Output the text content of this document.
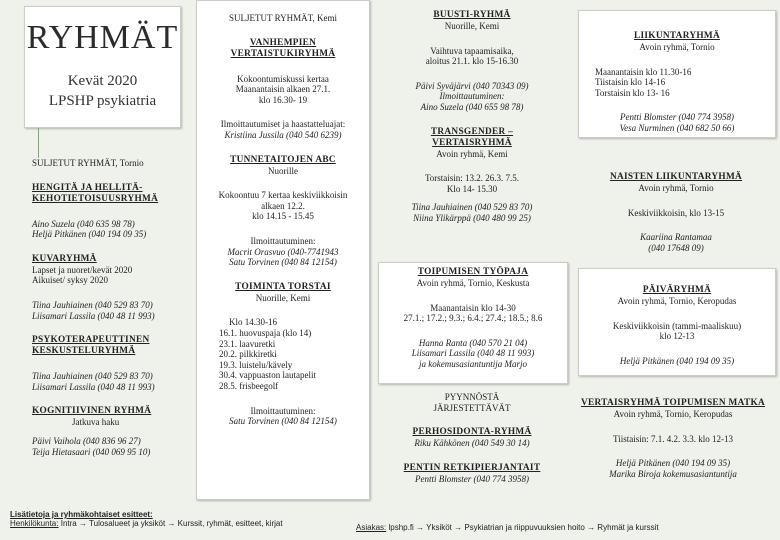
RYHMÄT
Kevät 2020
LPSHP psykiatria
SULJETUT RYHMÄT, Tornio
HENGITÄ JA HELLITÄ-KEHOTIETOISUUSRYHMÄ
Aino Suzela (040 635 98 78)
Heljä Pitkänen (040 194 09 35)
KUVARYHMÄ
Lapset ja nuoret/kevät 2020
Aikuiset/ syksy 2020
Tiina Jauhiainen (040 529 83 70)
Liisamari Lassila (040 48 11 993)
PSYKOTERAPEUTTINEN KESKUSTELURYHMÄ
Tiina Jauhiainen (040 529 83 70)
Liisamari Lassila (040 48 11 993)
KOGNITIIVINEN RYHMÄ
Jatkuva haku
Päivi Vaihola (040 836 96 27)
Teija Hietasaari (040 069 95 10)
SULJETUT RYHMÄT, Kemi
VANHEMPIEN VERTAISTUKIRYHMÄ
Kokoontumiskussi kertaa
Maanantaisin alkaen 27.1.
klo 16.30- 19
Ilmoittautumiset ja haastatteluajat:
Kristiina Jussila (040 540 6239)
TUNNETAITOJEN ABC
Nuorille
Kokoontuu 7 kertaa keskiviikkoisin
alkaen 12.2.
klo 14.15 - 15.45
Ilmoittautuminen:
Macrit Orasvuo (040-7741943
Satu Torvinen (040 84 12154)
TOIMINTA TORSTAI
Nuorille, Kemi
Klo 14.30-16
16.1. huovuspaja (klo 14)
23.1. laavuretki
20.2. pilkkiretki
19.3. luistelu/kävely
30.4. vappuaston lautapelit
28.5. frisbeegolf
Ilmoittautuminen:
Satu Torvinen (040 84 12154)
BUUSTI-RYHMÄ
Nuorille, Kemi
Vaihtuva tapaamisaika,
aloitus 21.1. klo 15-16.30
Päivi Syväjärvi (040 70343 09)
Ilmoittautuminen:
Aino Suzela (040 655 98 78)
TRANSGENDER – VERTAISRYHMÄ
Avoin ryhmä, Kemi
Torstaisin: 13.2. 26.3. 7.5.
Klo 14- 15.30
Tiina Jauhiainen (040 529 83 70)
Niina Ylikärppä (040 480 99 25)
TOIPUMISEN TYÖPAJA
Avoin ryhmä, Tornio, Keskusta
Maanantaisin klo 14-30
27.1.; 17.2.; 9.3.; 6.4.; 27.4.; 18.5.; 8.6
Hanna Ranta (040 570 21 04)
Liisamari Lassila (040 48 11 993)
ja kokemusasiantuntija Marjo
PYYNNÖSTÄ
JÄRJESTETTÄVÄT
PERHOSIDONTA-RYHMÄ
Riku Kähkönen (040 549 30 14)
PENTIN RETKIPIERJANTAIT
Pentti Blomster (040 774 3958)
LIIKUNTARYHMÄ
Avoin ryhmä, Tornio
Maanantaisin klo 11.30-16
Tiistaisin klo 14-16
Torstaisin klo 13- 16
Pentti Blomster (040 774 3958)
Vesa Nurminen (040 682 50 66)
NAISTEN LIIKUNTARYHMÄ
Avoin ryhmä, Tornio
Keskiviikkoisin, klo 13-15
Kaariina Rantamaa
(040 17648 09)
PÄIVÄRYHMÄ
Avoin ryhmä, Tornio, Keropudas
Keskiviikkoisin (tammi-maaliskuu)
klo 12-13
Heljä Pitkänen (040 194 09 35)
VERTAISRYHMÄ TOIPUMISEN MATKA
Avoin ryhmä, Tornio, Keropudas
Tiistaisin: 7.1. 4.2. 3.3. klo 12-13
Heljä Pitkänen (040 194 09 35)
Marika Biroja kokemusasiantuntija
Lisätietoja ja ryhmäkohtaiset esitteet:
Henkilökunta: Intra → Tulosalueet ja yksiköt → Kurssit, ryhmät, esitteet, kirjat	Asiakas: lpshp.fi → Yksiköt → Psykiatrian ja riippuvuuksien hoito → Ryhmät ja kurssit
